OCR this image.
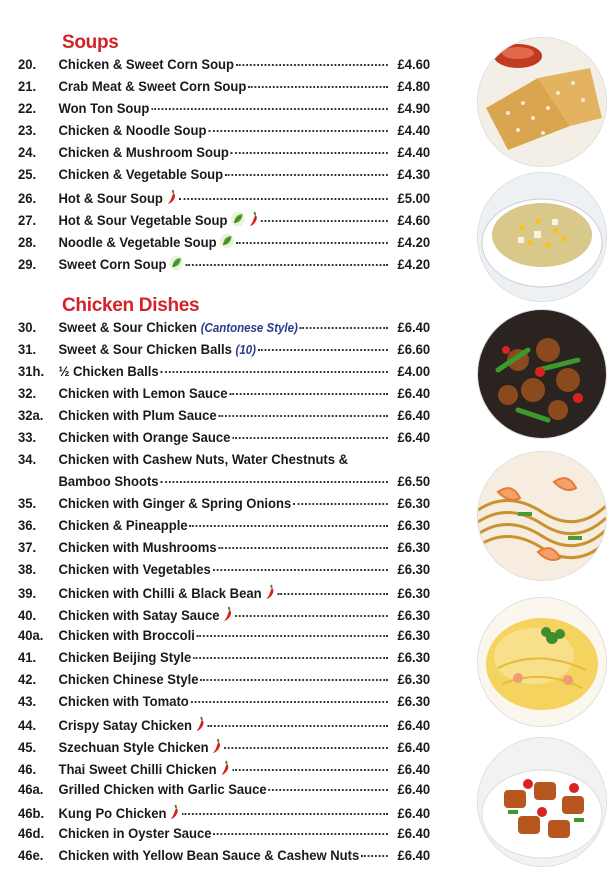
Soups
20.	Chicken & Sweet Corn Soup	£4.60
21.	Crab Meat & Sweet Corn Soup	£4.80
22.	Won Ton Soup	£4.90
23.	Chicken & Noodle Soup	£4.40
24.	Chicken & Mushroom Soup	£4.40
25.	Chicken & Vegetable Soup	£4.30
26.	Hot & Sour Soup	£5.00
27.	Hot & Sour Vegetable Soup	£4.60
28.	Noodle & Vegetable Soup	£4.20
29.	Sweet Corn Soup	£4.20
Chicken Dishes
30.	Sweet & Sour Chicken (Cantonese Style)	£6.40
31.	Sweet & Sour Chicken Balls (10)	£6.60
31h.	½ Chicken Balls	£4.00
32.	Chicken with Lemon Sauce	£6.40
32a.	Chicken with Plum Sauce	£6.40
33.	Chicken with Orange Sauce	£6.40
34.	Chicken with Cashew Nuts, Water Chestnuts &
Bamboo Shoots	£6.50
35.	Chicken with Ginger & Spring Onions	£6.30
36.	Chicken & Pineapple	£6.30
37.	Chicken with Mushrooms	£6.30
38.	Chicken with Vegetables	£6.30
39.	Chicken with Chilli & Black Bean	£6.30
40.	Chicken with Satay Sauce	£6.30
40a.	Chicken with Broccoli	£6.30
41.	Chicken Beijing Style	£6.30
42.	Chicken Chinese Style	£6.30
43.	Chicken with Tomato	£6.30
44.	Crispy Satay Chicken	£6.40
45.	Szechuan Style Chicken	£6.40
46.	Thai Sweet Chilli Chicken	£6.40
46a.	Grilled Chicken with Garlic Sauce	£6.40
46b.	Kung Po Chicken	£6.40
46d.	Chicken in Oyster Sauce	£6.40
46e.	Chicken with Yellow Bean Sauce & Cashew Nuts	£6.40
